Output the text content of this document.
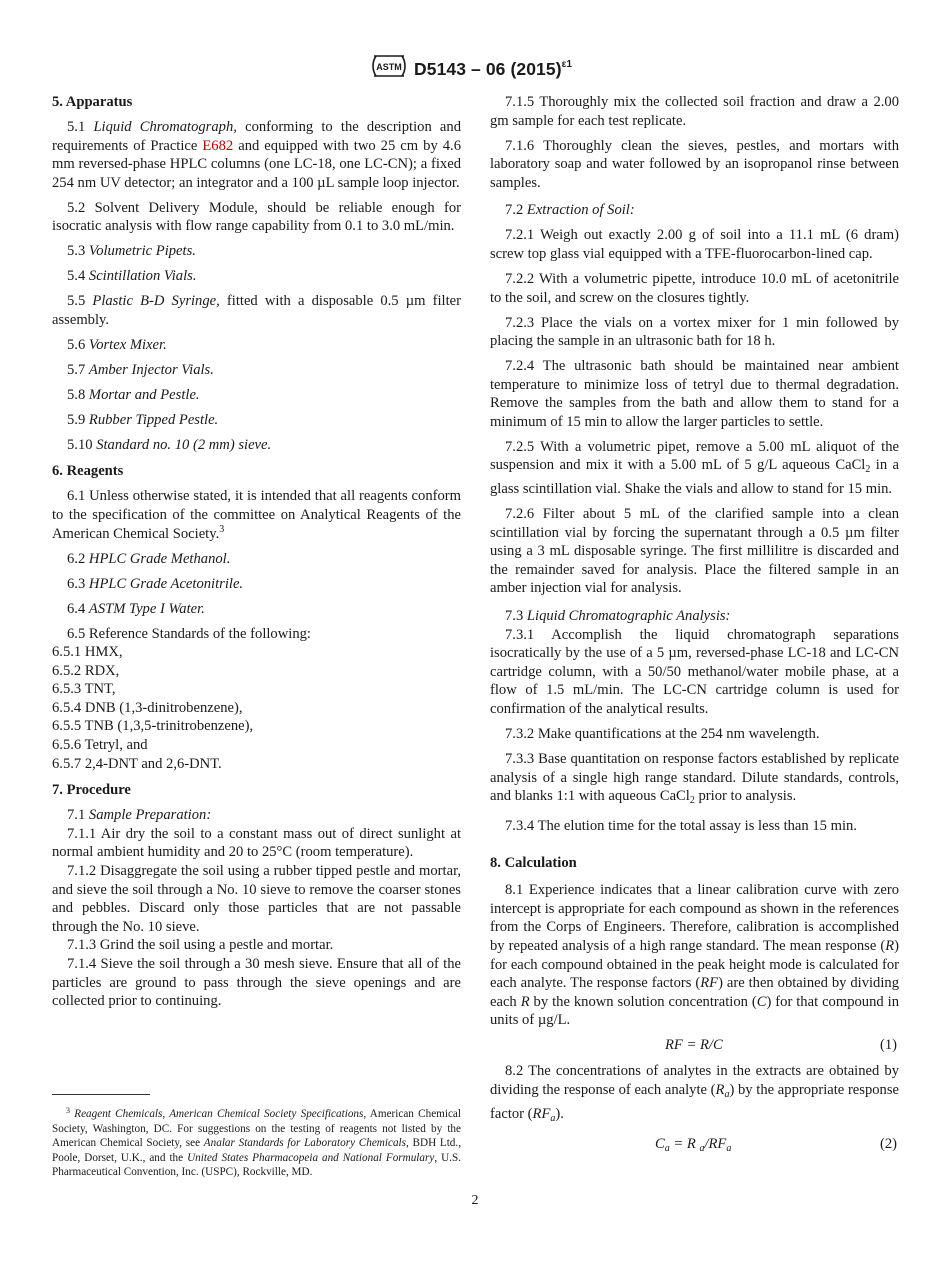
ASTM D5143 – 06 $(2015)^{\varepsilon 1}$

5. Apparatus

5.1 Liquid Chromatograph, conforming to the description and requirements of Practice E682 and equipped with two 25 cm by 4.6 mm reversed-phase HPLC columns (one LC-18, one LC-CN); a fixed 254 nm UV detector; an integrator and a 100 µL sample loop injector.

5.2 Solvent Delivery Module, should be reliable enough for isocratic analysis with flow range capability from 0.1 to 3.0 mL/min.

5.3 Volumetric Pipets.

5.4 Scintillation Vials.

5.5 Plastic B-D Syringe, fitted with a disposable 0.5 µm filter assembly.

5.6 Vortex Mixer.

5.7 Amber Injector Vials.

5.8 Mortar and Pestle.

5.9 Rubber Tipped Pestle.

5.10 Standard no. 10 (2 mm) sieve.

6. Reagents

6.1 Unless otherwise stated, it is intended that all reagents conform to the specification of the committee on Analytical Reagents of the American Chemical Society.$^3$

6.2 HPLC Grade Methanol.

6.3 HPLC Grade Acetonitrile.

6.4 ASTM Type I Water.

6.5 Reference Standards of the following:

6.5.1 HMX,

6.5.2 RDX,

6.5.3 TNT,

6.5.4 DNB (1,3-dinitrobenzene),

6.5.5 TNB (1,3,5-trinitrobenzene),

6.5.6 Tetryl, and

6.5.7 2,4-DNT and 2,6-DNT.

7. Procedure

7.1 Sample Preparation:

7.1.1 Air dry the soil to a constant mass out of direct sunlight at normal ambient humidity and 20 to 25°C (room temperature).

7.1.2 Disaggregate the soil using a rubber tipped pestle and mortar, and sieve the soil through a No. 10 sieve to remove the coarser stones and pebbles. Discard only those particles that are not passable through the No. 10 sieve.

7.1.3 Grind the soil using a pestle and mortar.

7.1.4 Sieve the soil through a 30 mesh sieve. Ensure that all of the particles are ground to pass through the sieve openings and are collected prior to continuing.

7.1.5 Thoroughly mix the collected soil fraction and draw a 2.00 gm sample for each test replicate.

7.1.6 Thoroughly clean the sieves, pestles, and mortars with laboratory soap and water followed by an isopropanol rinse between samples.

7.2 Extraction of Soil:

7.2.1 Weigh out exactly 2.00 g of soil into a 11.1 mL (6 dram) screw top glass vial equipped with a TFE-fluorocarbon-lined cap.

7.2.2 With a volumetric pipette, introduce 10.0 mL of acetonitrile to the soil, and screw on the closures tightly.

7.2.3 Place the vials on a vortex mixer for 1 min followed by placing the sample in an ultrasonic bath for 18 h.

7.2.4 The ultrasonic bath should be maintained near ambient temperature to minimize loss of tetryl due to thermal degradation. Remove the samples from the bath and allow them to stand for a minimum of 15 min to allow the larger particles to settle.

7.2.5 With a volumetric pipet, remove a 5.00 mL aliquot of the suspension and mix it with a 5.00 mL of 5 g/L aqueous CaCl$_2$ in a glass scintillation vial. Shake the vials and allow to stand for 15 min.

7.2.6 Filter about 5 mL of the clarified sample into a clean scintillation vial by forcing the supernatant through a 0.5 µm filter using a 3 mL disposable syringe. The first millilitre is discarded and the remainder saved for analysis. Place the filtered sample in an amber injection vial for analysis.

7.3 Liquid Chromatographic Analysis:

7.3.1 Accomplish the liquid chromatograph separations isocratically by the use of a 5 µm, reversed-phase LC-18 and LC-CN cartridge column, with a 50/50 methanol/water mobile phase, at a flow of 1.5 mL/min. The LC-CN cartridge column is used for confirmation of the analytical results.

7.3.2 Make quantifications at the 254 nm wavelength.

7.3.3 Base quantitation on response factors established by replicate analysis of a single high range standard. Dilute standards, controls, and blanks 1:1 with aqueous CaCl$_2$ prior to analysis.

7.3.4 The elution time for the total assay is less than 15 min.

8. Calculation

8.1 Experience indicates that a linear calibration curve with zero intercept is appropriate for each compound as shown in the references from the Corps of Engineers. Therefore, calibration is accomplished by repeated analysis of a high range standard. The mean response (R) for each compound obtained in the peak height mode is calculated for each analyte. The response factors (RF) are then obtained by dividing each R by the known solution concentration (C) for that compound in units of µg/L.

RF = R/C	(1)

8.2 The concentrations of analytes in the extracts are obtained by dividing the response of each analyte $(R_a)$ by the appropriate response factor $(RF_a)$.

$C_a = R$ $_a/RF_a$	(2)

$^3$ Reagent Chemicals, American Chemical Society Specifications, American Chemical Society, Washington, DC. For suggestions on the testing of reagents not listed by the American Chemical Society, see Analar Standards for Laboratory Chemicals, BDH Ltd., Poole, Dorset, U.K., and the United States Pharmacopeia and National Formulary, U.S. Pharmaceutical Convention, Inc. (USPC), Rockville, MD.

2
